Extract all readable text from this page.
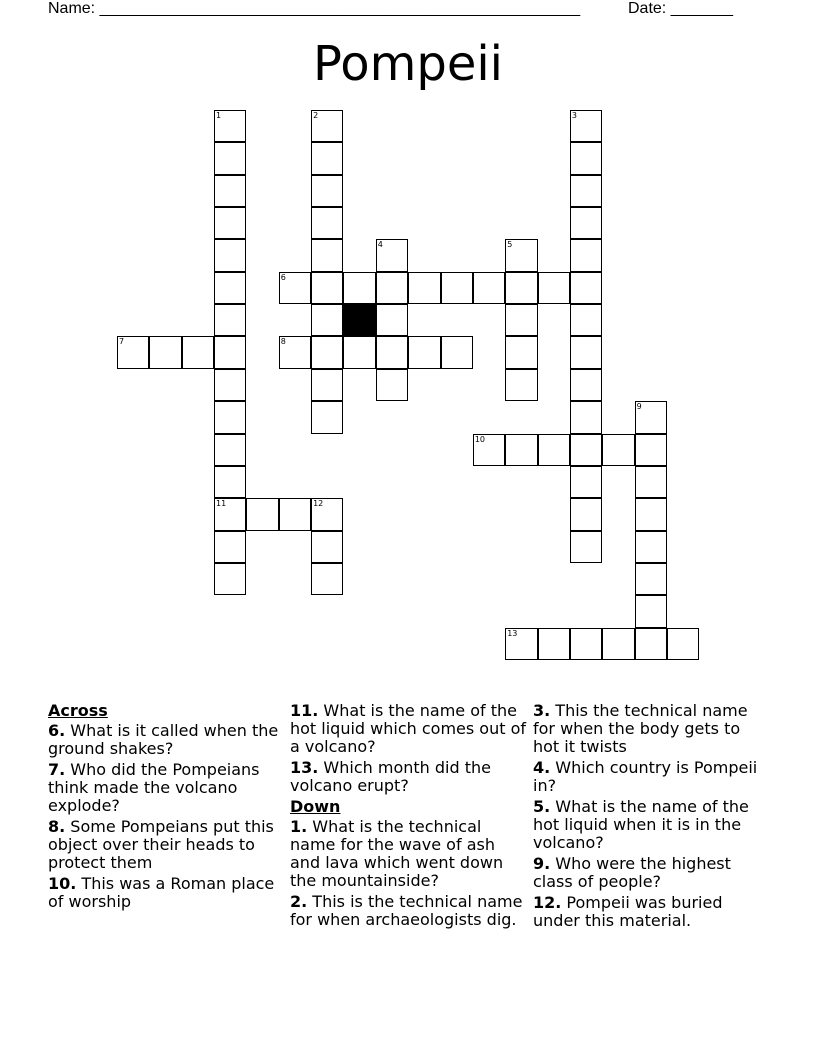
Name: ______________________________________________________

	Date: _______

Pompeii
1
11
2	3
4	5
6
7	8
9
10
12
13
Across
6. What is it called when the ground shakes?
7. Who did the Pompeians think made the volcano explode?
8. Some Pompeians put this object over their heads to protect them
10. This was a Roman place of worship
11. What is the name of the hot liquid which comes out of a volcano?
13. Which month did the volcano erupt?
Down
1. What is the technical name for the wave of ash and lava which went down the mountainside?
2. This is the technical name for when archaeologists dig.
3. This the technical name for when the body gets to hot it twists
4. Which country is Pompeii in?
5. What is the name of the hot liquid when it is in the volcano?
9. Who were the highest class of people?
12. Pompeii was buried under this material.
